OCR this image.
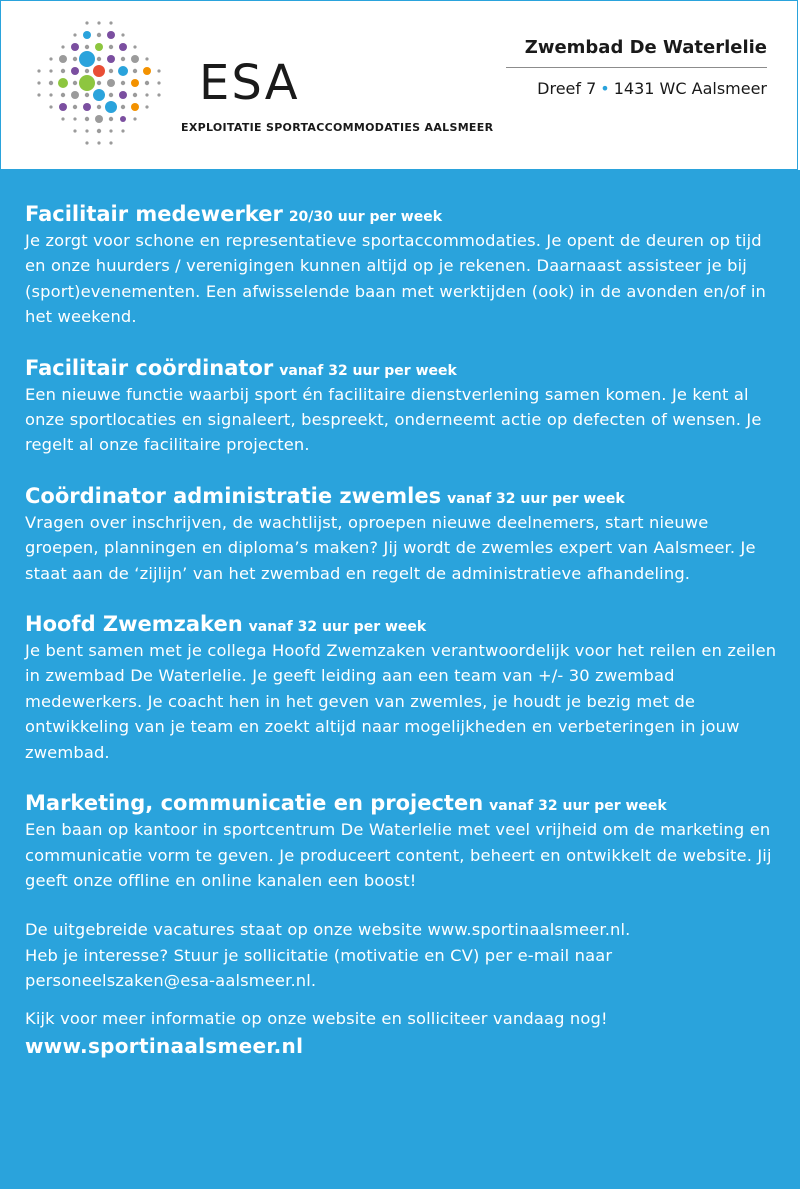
ESA
EXPLOITATIE SPORTACCOMMODATIES AALSMEER
Zwembad De Waterlelie
Dreef 7 • 1431 WC Aalsmeer
Facilitair medewerker 20/30 uur per week
Je zorgt voor schone en representatieve sportaccommodaties. Je opent de deuren op tijd en onze huurders / verenigingen kunnen altijd op je rekenen. Daarnaast assisteer je bij (sport)evenementen. Een afwisselende baan met werktijden (ook) in de avonden en/of in het weekend.
Facilitair coördinator vanaf 32 uur per week
Een nieuwe functie waarbij sport én facilitaire dienstverlening samen komen. Je kent al onze sportlocaties en signaleert, bespreekt, onderneemt actie op defecten of wensen. Je regelt al onze facilitaire projecten.
Coördinator administratie zwemles vanaf 32 uur per week
Vragen over inschrijven, de wachtlijst, oproepen nieuwe deelnemers, start nieuwe groepen, planningen en diploma’s maken? Jij wordt de zwemles expert van Aalsmeer. Je staat aan de ‘zijlijn’ van het zwembad en regelt de administratieve afhandeling.
Hoofd Zwemzaken vanaf 32 uur per week
Je bent samen met je collega Hoofd Zwemzaken verantwoordelijk voor het reilen en zeilen in zwembad De Waterlelie. Je geeft leiding aan een team van +/- 30 zwembad medewerkers. Je coacht hen in het geven van zwemles, je houdt je bezig met de ontwikkeling van je team en zoekt altijd naar mogelijkheden en verbeteringen in jouw zwembad.
Marketing, communicatie en projecten vanaf 32 uur per week
Een baan op kantoor in sportcentrum De Waterlelie met veel vrijheid om de marketing en communicatie vorm te geven. Je produceert content, beheert en ontwikkelt de website. Jij geeft onze offline en online kanalen een boost!

De uitgebreide vacatures staat op onze website www.sportinaalsmeer.nl.

Heb je interesse? Stuur je sollicitatie (motivatie en CV) per e-mail naar

personeelszaken@esa-aalsmeer.nl.

Kijk voor meer informatie op onze website en solliciteer vandaag nog!
www.sportinaalsmeer.nl
